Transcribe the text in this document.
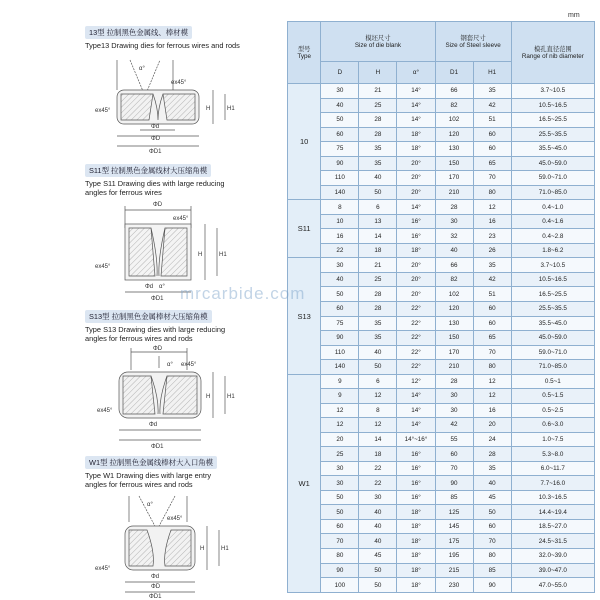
mm
13型 拉制黑色金属线、棒材模
Type13 Drawing dies for ferrous wires and rods
S11型 拉制黑色金属线材大压缩角模
Type S11 Drawing dies with large reducing
angles for ferrous wires
S13型 拉制黑色金属棒材大压缩角模
Type S13 Drawing dies with large reducing
angles for ferrous wires and rods
W1型 拉制黑色金属线棒材大入口角模
Type W1 Drawing dies with large entry
angles for ferrous wires and rods
α°
ex45°
ex45°	H	H1
Φd
ΦD
ΦD1
ΦD
ex45°
ex45°
H	H1
α°
Φd
ΦD1
ΦD
ex45°
ex45°
H	H1
α°
Φd
ΦD1
α°
ex45°
ex45°
H	H1
Φd
ΦD
ΦD1
型号
Type	模坯尺寸
Size of die blank			钢套尺寸
Size of Steel sleeve		模孔直径范围
Range of nib diameter
	D	H	α°	D1	H1	
10	30	21	14°	66	35	3.7~10.5
	40	25	14°	82	42	10.5~16.5
	50	28	14°	102	51	16.5~25.5
	60	28	18°	120	60	25.5~35.5
	75	35	18°	130	60	35.5~45.0
	90	35	20°	150	65	45.0~59.0
	110	40	20°	170	70	59.0~71.0
	140	50	20°	210	80	71.0~85.0
S11	8	6	14°	28	12	0.4~1.0
	10	13	16°	30	16	0.4~1.6
	16	14	16°	32	23	0.4~2.8
	22	18	18°	40	26	1.8~6.2
S13	30	21	20°	66	35	3.7~10.5
	40	25	20°	82	42	10.5~16.5
	50	28	20°	102	51	16.5~25.5
	60	28	22°	120	60	25.5~35.5
	75	35	22°	130	60	35.5~45.0
	90	35	22°	150	65	45.0~59.0
	110	40	22°	170	70	59.0~71.0
	140	50	22°	210	80	71.0~85.0
W1	9	6	12°	28	12	0.5~1
	9	12	14°	30	12	0.5~1.5
	12	8	14°	30	16	0.5~2.5
	12	12	14°	42	20	0.6~3.0
	20	14	14°~16°	55	24	1.0~7.5
	25	18	16°	60	28	5.3~8.0
	30	22	16°	70	35	6.0~11.7
	30	22	16°	90	40	7.7~16.0
	50	30	16°	85	45	10.3~16.5
	50	40	18°	125	50	14.4~19.4
	60	40	18°	145	60	18.5~27.0
	70	40	18°	175	70	24.5~31.5
	80	45	18°	195	80	32.0~39.0
	90	50	18°	215	85	39.0~47.0
	100	50	18°	230	90	47.0~55.0
mrcarbide.com
